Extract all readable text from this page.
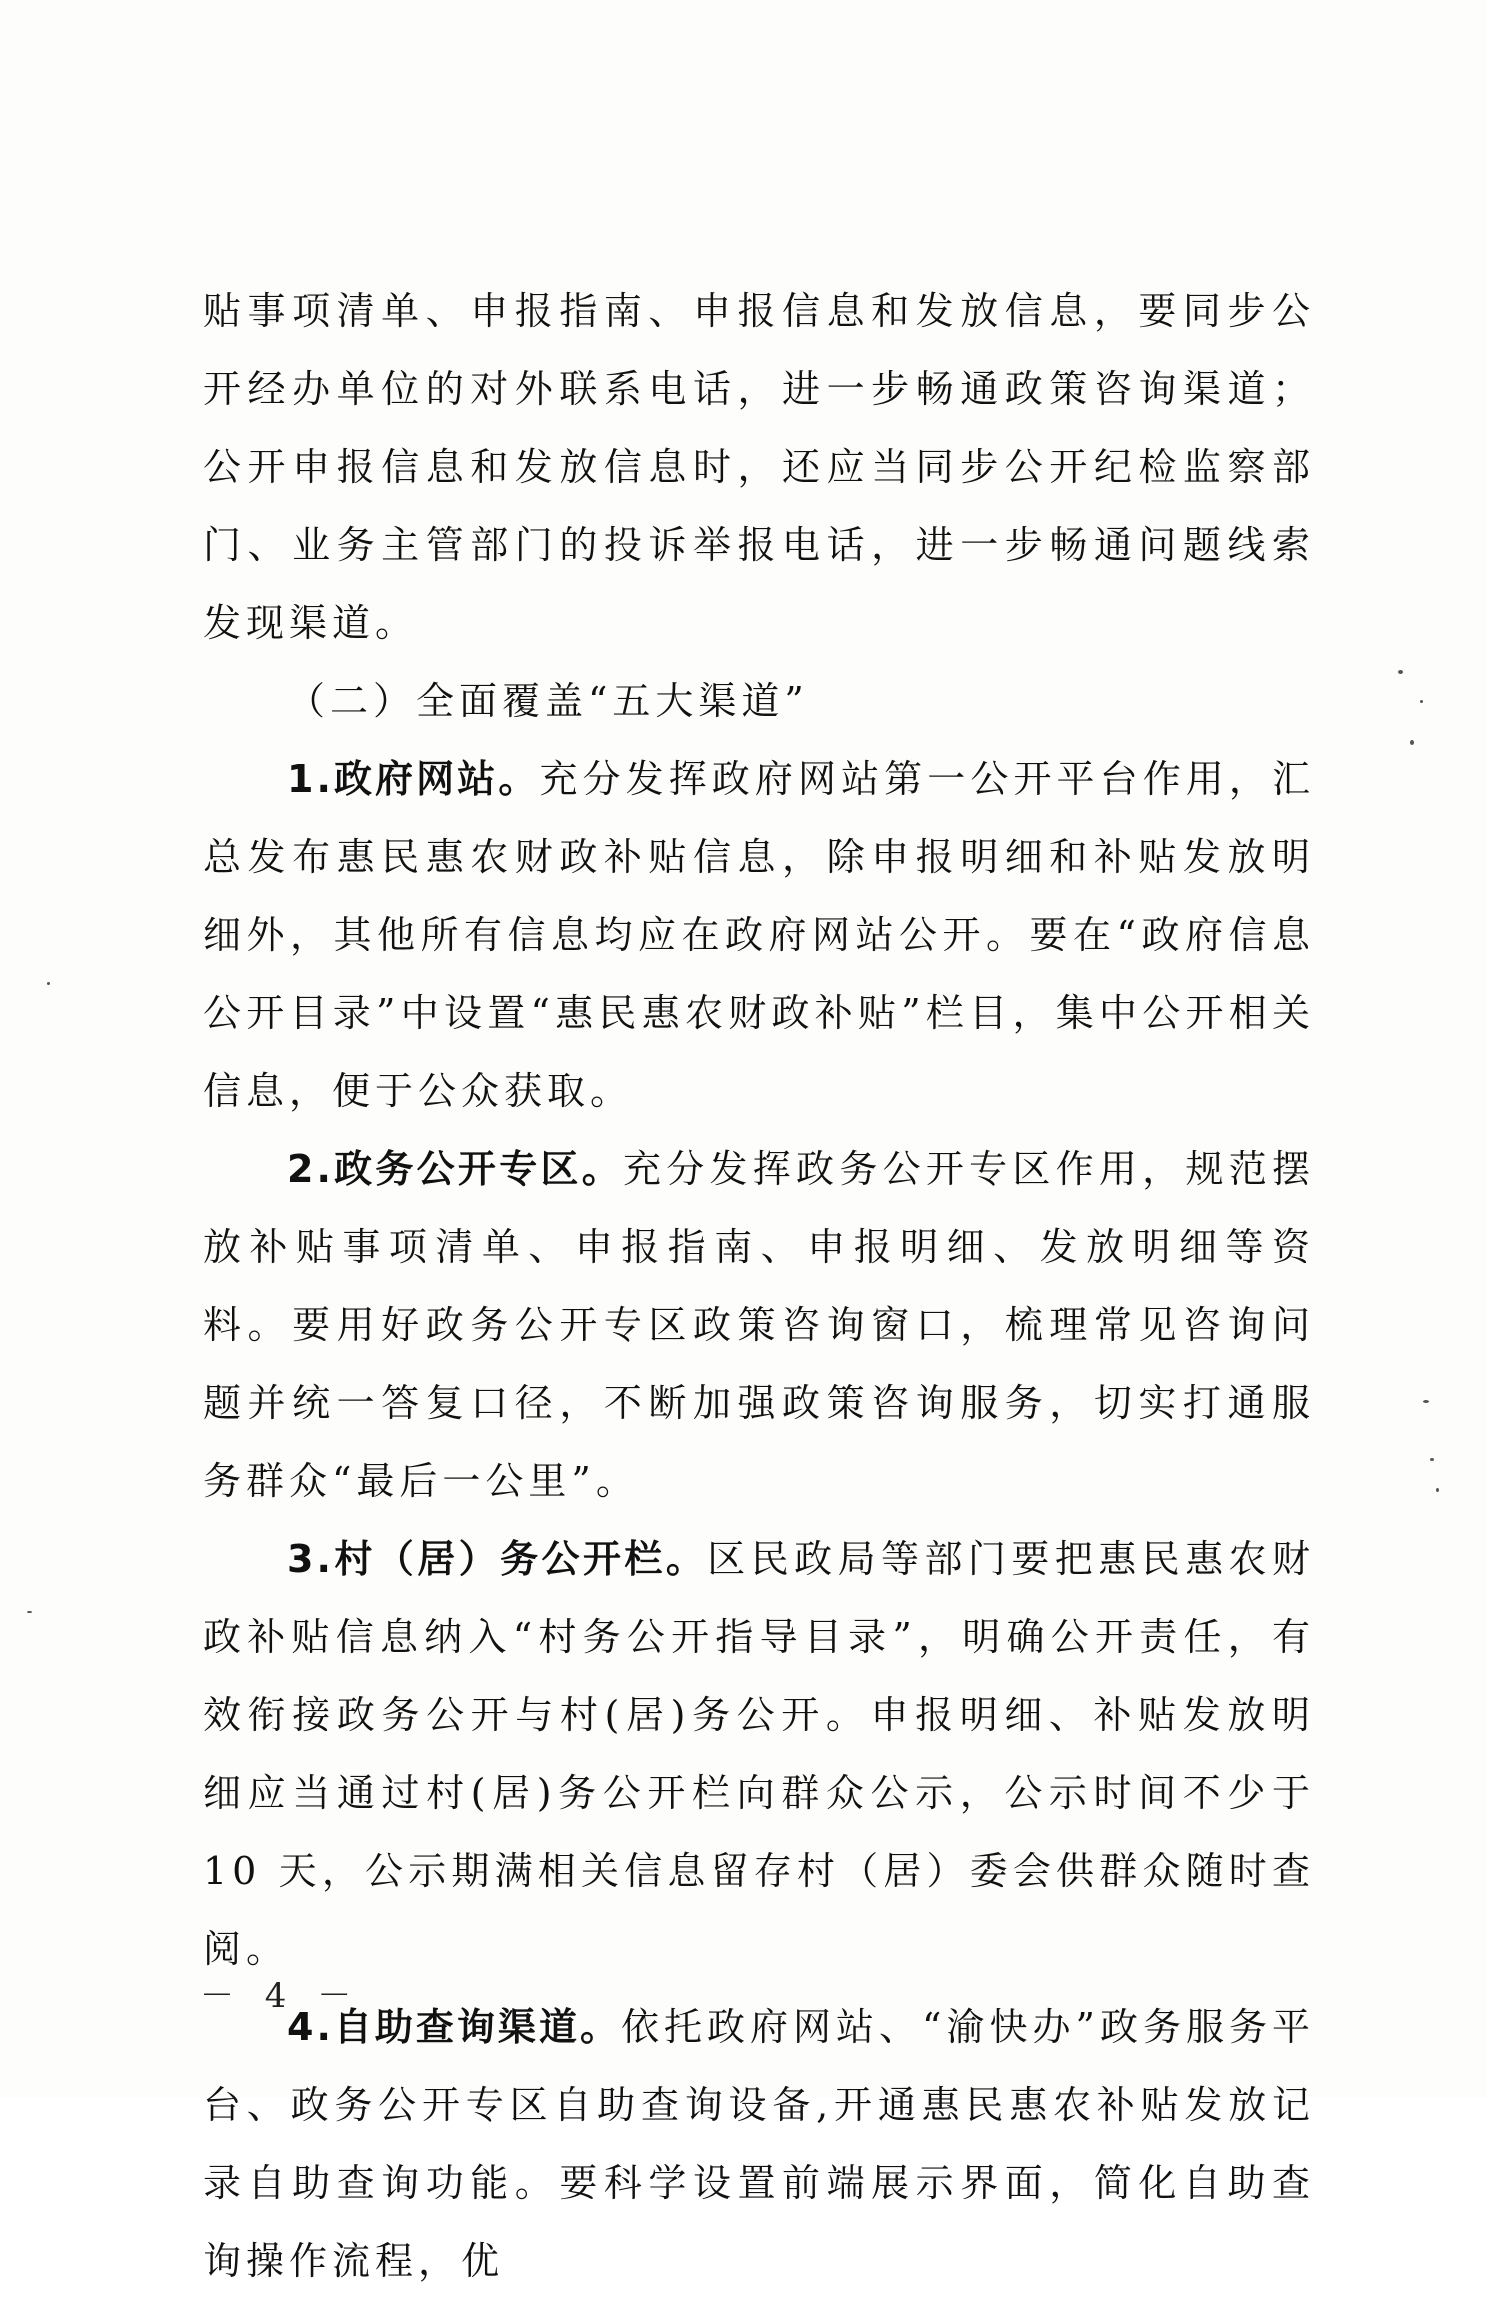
贴事项清单、申报指南、申报信息和发放信息，要同步公开经办单位的对外联系电话，进一步畅通政策咨询渠道；公开申报信息和发放信息时，还应当同步公开纪检监察部门、业务主管部门的投诉举报电话，进一步畅通问题线索发现渠道。

（二）全面覆盖“五大渠道”

1.政府网站。充分发挥政府网站第一公开平台作用，汇总发布惠民惠农财政补贴信息，除申报明细和补贴发放明细外，其他所有信息均应在政府网站公开。要在“政府信息公开目录”中设置“惠民惠农财政补贴”栏目，集中公开相关信息，便于公众获取。

2.政务公开专区。充分发挥政务公开专区作用，规范摆放补贴事项清单、申报指南、申报明细、发放明细等资料。要用好政务公开专区政策咨询窗口，梳理常见咨询问题并统一答复口径，不断加强政策咨询服务，切实打通服务群众“最后一公里”。

3.村（居）务公开栏。区民政局等部门要把惠民惠农财政补贴信息纳入“村务公开指导目录”，明确公开责任，有效衔接政务公开与村(居)务公开。申报明细、补贴发放明细应当通过村(居)务公开栏向群众公示，公示时间不少于 10 天，公示期满相关信息留存村（居）委会供群众随时查阅。

4.自助查询渠道。依托政府网站、“渝快办”政务服务平台、政务公开专区自助查询设备,开通惠民惠农补贴发放记录自助查询功能。要科学设置前端展示界面，简化自助查询操作流程，优

－ 4 －
